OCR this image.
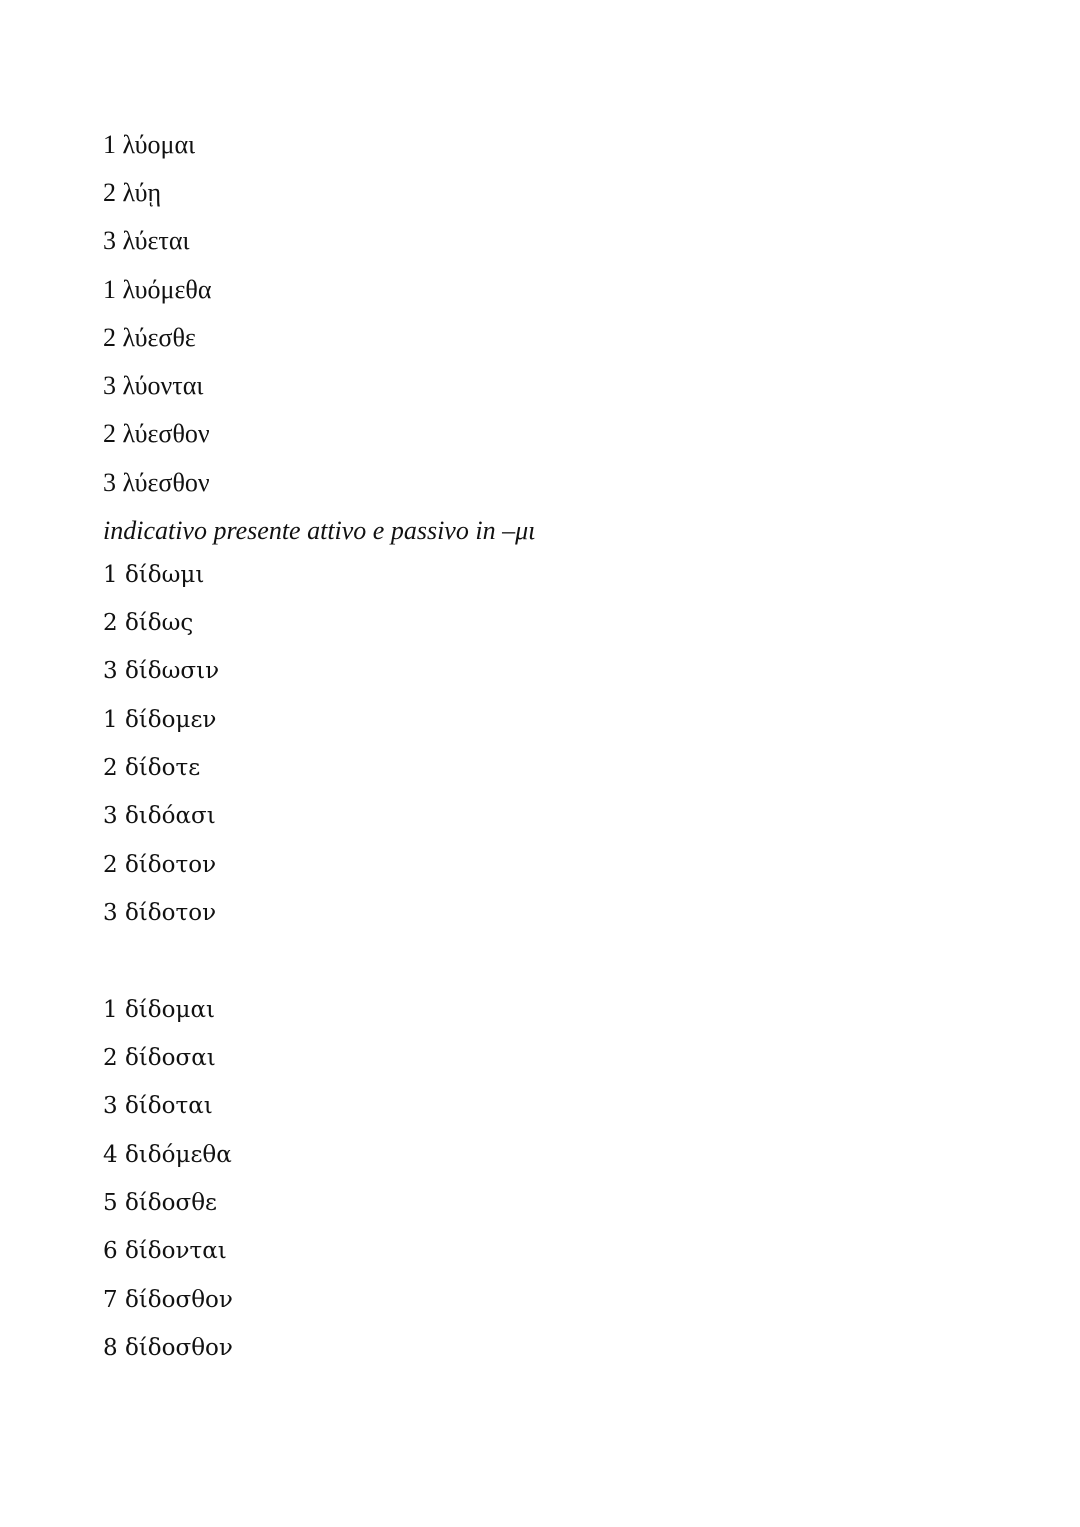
1 λύομαι
2 λύῃ
3 λύεται
1 λυόμεθα
2 λύεσθε
3 λύονται
2 λύεσθον
3 λύεσθον
indicativo presente attivo e passivo in –μι
1 δίδωμι
2 δίδως
3 δίδωσιν
1 δίδομεν
2 δίδοτε
3 διδόασι
2 δίδοτον
3 δίδοτον
1 δίδομαι
2 δίδοσαι
3 δίδοται
4 διδόμεθα
5 δίδοσθε
6 δίδονται
7 δίδοσθον
8 δίδοσθον
